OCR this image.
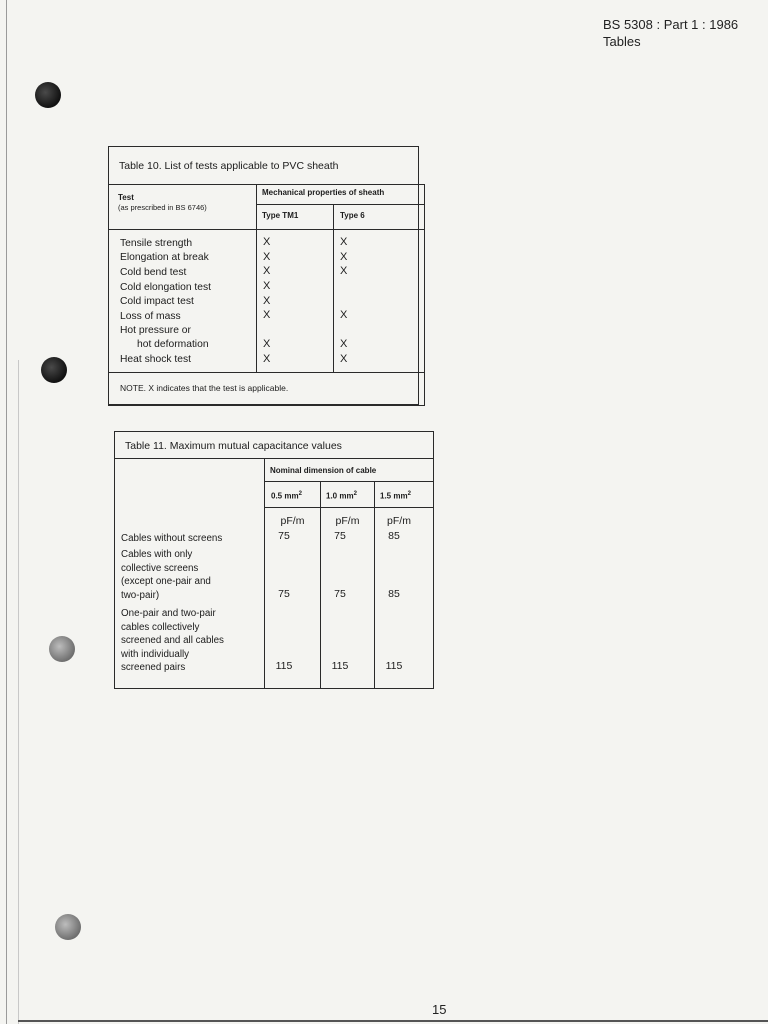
BS 5308 : Part 1 : 1986
Tables
Table 10. List of tests applicable to PVC sheath
Test
(as prescribed in BS 6746)
Mechanical properties of sheath
Type TM1	Type 6
Tensile strength	X	X
Elongation at break	X	X
Cold bend test	X	X
Cold elongation test	X
Cold impact test	X
Loss of mass	X	X
Hot pressure or
hot deformation	X	X
Heat shock test	X	X
NOTE. X indicates that the test is applicable.
Table 11. Maximum mutual capacitance values
Nominal dimension of cable
0.5 $mm^2$	1.0 $mm^2$	1.5 $mm^2$
pF/m	pF/m	pF/m
Cables without screens	75	75	85
Cables with only
collective screens
(except one-pair and
two-pair)	75	75	85
One-pair and two-pair
cables collectively
screened and all cables
with individually
screened pairs	115	115	115
15
